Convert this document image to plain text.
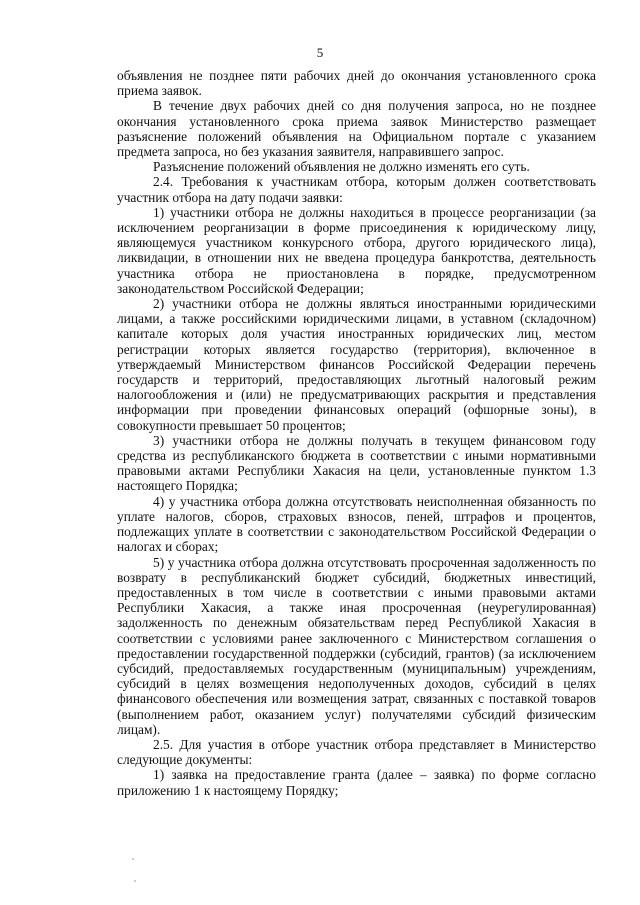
5

объявления не позднее пяти рабочих дней до окончания установленного срока приема заявок.

В течение двух рабочих дней со дня получения запроса, но не позднее окончания установленного срока приема заявок Министерство размещает разъяснение положений объявления на Официальном портале с указанием предмета запроса, но без указания заявителя, направившего запрос.

Разъяснение положений объявления не должно изменять его суть.

2.4. Требования к участникам отбора, которым должен соответствовать участник отбора на дату подачи заявки:

1) участники отбора не должны находиться в процессе реорганизации (за исключением реорганизации в форме присоединения к юридическому лицу, являющемуся участником конкурсного отбора, другого юридического лица), ликвидации, в отношении них не введена процедура банкротства, деятельность участника отбора не приостановлена в порядке, предусмотренном законодательством Российской Федерации;

2) участники отбора не должны являться иностранными юридическими лицами, а также российскими юридическими лицами, в уставном (складочном) капитале которых доля участия иностранных юридических лиц, местом регистрации которых является государство (территория), включенное в утверждаемый Министерством финансов Российской Федерации перечень государств и территорий, предоставляющих льготный налоговый режим налогообложения и (или) не предусматривающих раскрытия и представления информации при проведении финансовых операций (офшорные зоны), в совокупности превышает 50 процентов;

3) участники отбора не должны получать в текущем финансовом году средства из республиканского бюджета в соответствии с иными нормативными правовыми актами Республики Хакасия на цели, установленные пунктом 1.3 настоящего Порядка;

4) у участника отбора должна отсутствовать неисполненная обязанность по уплате налогов, сборов, страховых взносов, пеней, штрафов и процентов, подлежащих уплате в соответствии с законодательством Российской Федерации о налогах и сборах;

5) у участника отбора должна отсутствовать просроченная задолженность по возврату в республиканский бюджет субсидий, бюджетных инвестиций, предоставленных в том числе в соответствии с иными правовыми актами Республики Хакасия, а также иная просроченная (неурегулированная) задолженность по денежным обязательствам перед Республикой Хакасия в соответствии с условиями ранее заключенного с Министерством соглашения о предоставлении государственной поддержки (субсидий, грантов) (за исключением субсидий, предоставляемых государственным (муниципальным) учреждениям, субсидий в целях возмещения недополученных доходов, субсидий в целях финансового обеспечения или возмещения затрат, связанных с поставкой товаров (выполнением работ, оказанием услуг) получателями субсидий физическим лицам).

2.5. Для участия в отборе участник отбора представляет в Министерство следующие документы:

1) заявка на предоставление гранта (далее – заявка) по форме согласно приложению 1 к настоящему Порядку;
